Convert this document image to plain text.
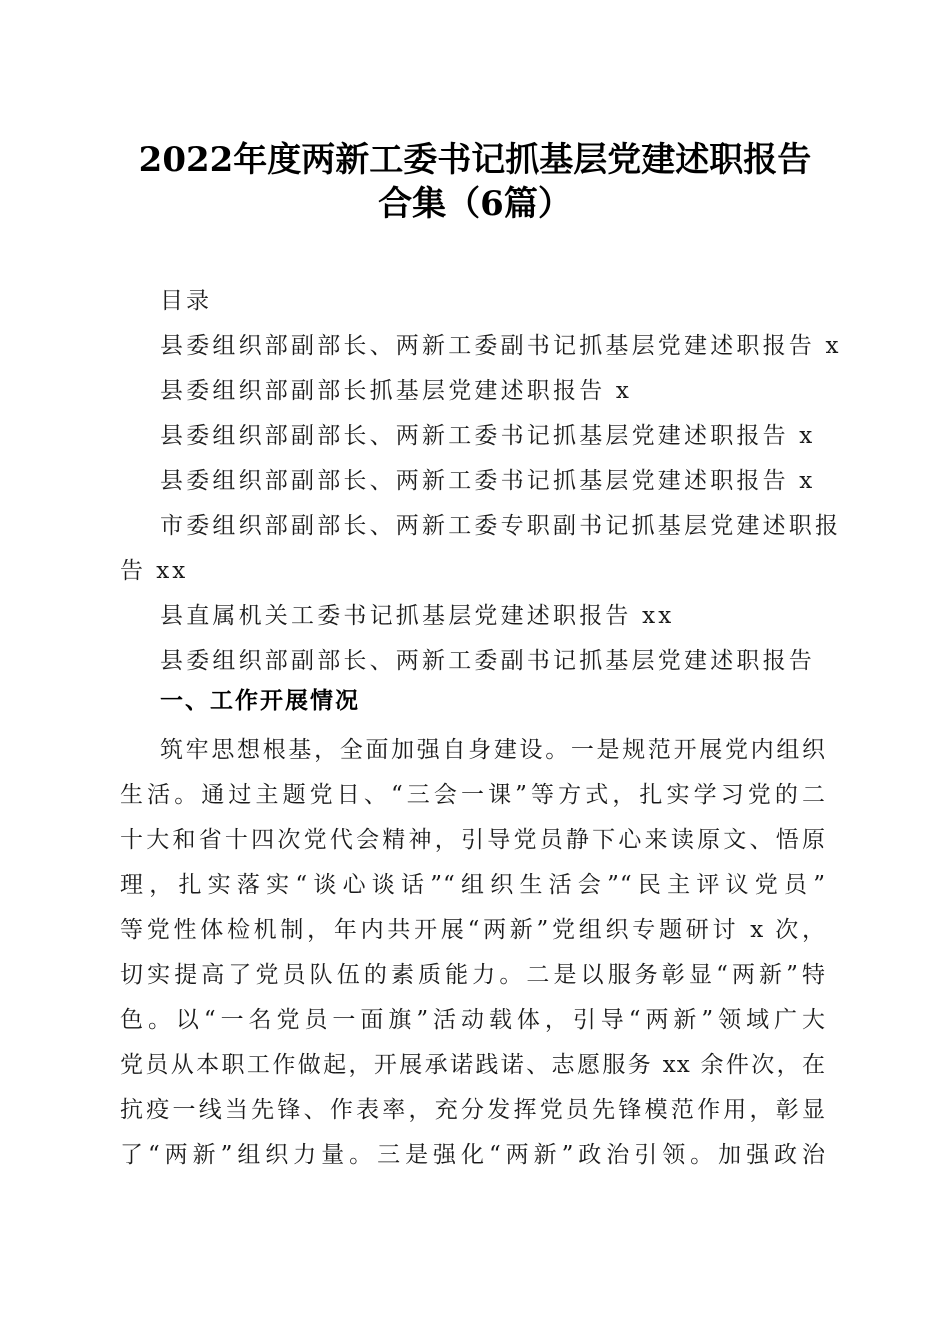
2022年度两新工委书记抓基层党建述职报告
合集（6篇）
目录
县委组织部副部长、两新工委副书记抓基层党建述职报告 x
县委组织部副部长抓基层党建述职报告 x
县委组织部副部长、两新工委书记抓基层党建述职报告 x
县委组织部副部长、两新工委书记抓基层党建述职报告 x
市委组织部副部长、两新工委专职副书记抓基层党建述职报
告 xx
县直属机关工委书记抓基层党建述职报告 xx
县委组织部副部长、两新工委副书记抓基层党建述职报告
一、工作开展情况
筑牢思想根基，全面加强自身建设。一是规范开展党内组织
生活。通过主题党日、“三会一课”等方式，扎实学习党的二
十大和省十四次党代会精神，引导党员静下心来读原文、悟原
理，扎实落实“谈心谈话”“组织生活会”“民主评议党员”
等党性体检机制，年内共开展“两新”党组织专题研讨 x 次，
切实提高了党员队伍的素质能力。二是以服务彰显“两新”特
色。以“一名党员一面旗”活动载体，引导“两新”领域广大
党员从本职工作做起，开展承诺践诺、志愿服务 xx 余件次，在
抗疫一线当先锋、作表率，充分发挥党员先锋模范作用，彰显
了“两新”组织力量。三是强化“两新”政治引领。加强政治
